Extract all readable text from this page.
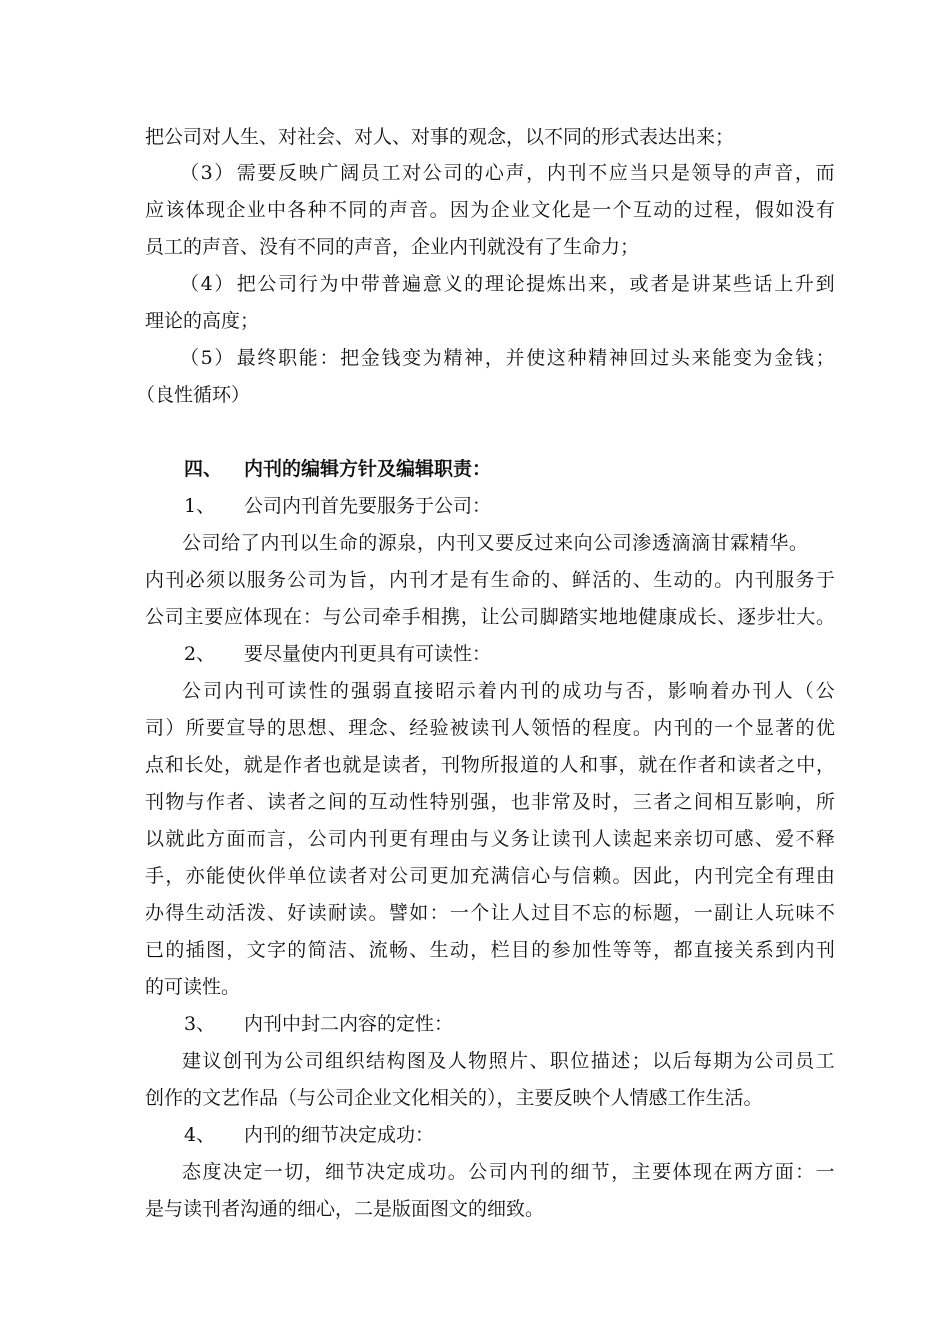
把公司对人生、对社会、对人、对事的观念，以不同的形式表达出来；
（ 3 ） 需 要 反 映 广 阔 员 工 对 公 司 的 心 声 ， 内 刊 不 应 当 只 是 领 导 的 声 音 ， 而
应 该 体 现 企 业 中 各 种 不 同 的 声 音 。 因 为 企 业 文 化 是 一 个 互 动 的 过 程 ， 假 如 没 有
员工的声音、没有不同的声音，企业内刊就没有了生命力；
（ 4 ） 把 公 司 行 为 中 带 普 遍 意 义 的 理 论 提 炼 出 来 ， 或 者 是 讲 某 些 话 上 升 到
理论的高度；
（ 5 ） 最 终 职 能 ： 把 金 钱 变 为 精 神 ， 并 使 这 种 精 神 回 过 头 来 能 变 为 金 钱 ；
（良性循环）
四、 内刊的编辑方针及编辑职责：
1、 公司内刊首先要服务于公司：
公 司 给 了 内 刊 以 生 命 的 源 泉 ， 内 刊 又 要 反 过 来 向 公 司 渗 透 滴 滴 甘 霖 精 华 。
内 刊 必 须 以 服 务 公 司 为 旨 ， 内 刊 才 是 有 生 命 的 、 鲜 活 的 、 生 动 的 。 内 刊 服 务 于
公 司 主 要 应 体 现 在 ： 与 公 司 牵 手 相 携 ， 让 公 司 脚 踏 实 地 地 健 康 成 长 、 逐 步 壮 大 。
2、 要尽量使内刊更具有可读性：
公 司 内 刊 可 读 性 的 强 弱 直 接 昭 示 着 内 刊 的 成 功 与 否 ， 影 响 着 办 刊 人 （ 公
司 ） 所 要 宣 导 的 思 想 、 理 念 、 经 验 被 读 刊 人 领 悟 的 程 度 。 内 刊 的 一 个 显 著 的 优
点 和 长 处 ， 就 是 作 者 也 就 是 读 者 ， 刊 物 所 报 道 的 人 和 事 ， 就 在 作 者 和 读 者 之 中 ，
刊 物 与 作 者 、 读 者 之 间 的 互 动 性 特 别 强 ， 也 非 常 及 时 ， 三 者 之 间 相 互 影 响 ， 所
以 就 此 方 面 而 言 ， 公 司 内 刊 更 有 理 由 与 义 务 让 读 刊 人 读 起 来 亲 切 可 感 、 爱 不 释
手 ， 亦 能 使 伙 伴 单 位 读 者 对 公 司 更 加 充 满 信 心 与 信 赖 。 因 此 ， 内 刊 完 全 有 理 由
办 得 生 动 活 泼 、 好 读 耐 读 。 譬 如 ： 一 个 让 人 过 目 不 忘 的 标 题 ， 一 副 让 人 玩 味 不
已 的 插 图 ， 文 字 的 简 洁 、 流 畅 、 生 动 ， 栏 目 的 参 加 性 等 等 ， 都 直 接 关 系 到 内 刊
的可读性。
3、 内刊中封二内容的定性：
建 议 创 刊 为 公 司 组 织 结 构 图 及 人 物 照 片 、 职 位 描 述 ； 以 后 每 期 为 公 司 员 工
创作的文艺作品（与公司企业文化相关的），主要反映个人情感工作生活。
4、 内刊的细节决定成功：
态 度 决 定 一 切 ， 细 节 决 定 成 功 。 公 司 内 刊 的 细 节 ， 主 要 体 现 在 两 方 面 ： 一
是与读刊者沟通的细心，二是版面图文的细致。
